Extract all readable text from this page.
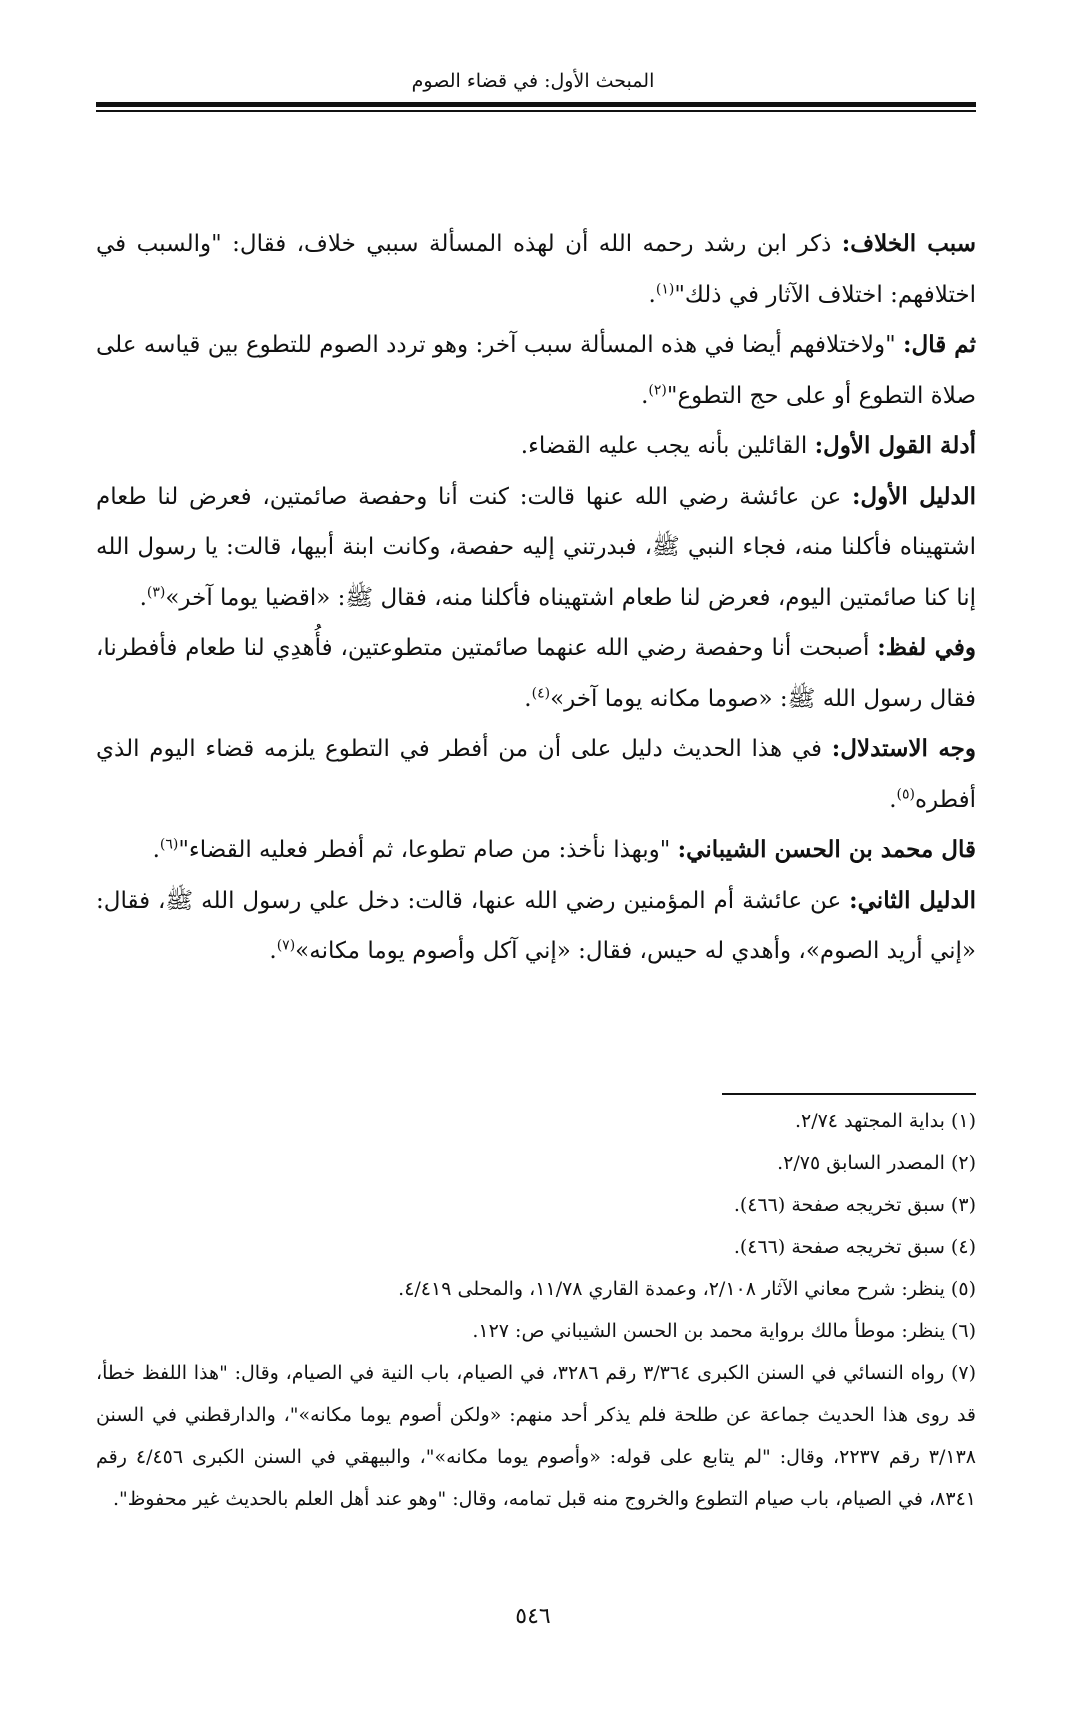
المبحث الأول: في قضاء الصوم

سبب الخلاف: ذكر ابن رشد رحمه الله أن لهذه المسألة سببي خلاف، فقال: "والسبب في اختلافهم: اختلاف الآثار في ذلك"$^{(١)}$.

ثم قال: "ولاختلافهم أيضا في هذه المسألة سبب آخر: وهو تردد الصوم للتطوع بين قياسه على صلاة التطوع أو على حج التطوع"$^{(٢)}$.

أدلة القول الأول: القائلين بأنه يجب عليه القضاء.

الدليل الأول: عن عائشة رضي الله عنها قالت: كنت أنا وحفصة صائمتين، فعرض لنا طعام اشتهيناه فأكلنا منه، فجاء النبي ﷺ، فبدرتني إليه حفصة، وكانت ابنة أبيها، قالت: يا رسول الله إنا كنا صائمتين اليوم، فعرض لنا طعام اشتهيناه فأكلنا منه، فقال ﷺ: «اقضيا يوما آخر»$^{(٣)}$.

وفي لفظ: أصبحت أنا وحفصة رضي الله عنهما صائمتين متطوعتين، فأُهدِي لنا طعام فأفطرنا، فقال رسول الله ﷺ: «صوما مكانه يوما آخر»$^{(٤)}$.

وجه الاستدلال: في هذا الحديث دليل على أن من أفطر في التطوع يلزمه قضاء اليوم الذي أفطره$^{(٥)}$.

قال محمد بن الحسن الشيباني: "وبهذا نأخذ: من صام تطوعا، ثم أفطر فعليه القضاء"$^{(٦)}$.

الدليل الثاني: عن عائشة أم المؤمنين رضي الله عنها، قالت: دخل علي رسول الله ﷺ، فقال: «إني أريد الصوم»، وأهدي له حيس، فقال: «إني آكل وأصوم يوما مكانه»$^{(٧)}$.

(١) بداية المجتهد ٢/٧٤.

(٢) المصدر السابق ٢/٧٥.

(٣) سبق تخريجه صفحة (٤٦٦).

(٤) سبق تخريجه صفحة (٤٦٦).

(٥) ينظر: شرح معاني الآثار ٢/١٠٨، وعمدة القاري ١١/٧٨، والمحلى ٤/٤١٩.

(٦) ينظر: موطأ مالك برواية محمد بن الحسن الشيباني ص: ١٢٧.

(٧) رواه النسائي في السنن الكبرى ٣/٣٦٤ رقم ٣٢٨٦، في الصيام، باب النية في الصيام، وقال: "هذا اللفظ خطأ، قد روى هذا الحديث جماعة عن طلحة فلم يذكر أحد منهم: «ولكن أصوم يوما مكانه»"، والدارقطني في السنن ٣/١٣٨ رقم ٢٢٣٧، وقال: "لم يتابع على قوله: «وأصوم يوما مكانه»"، والبيهقي في السنن الكبرى ٤/٤٥٦ رقم ٨٣٤١، في الصيام، باب صيام التطوع والخروج منه قبل تمامه، وقال: "وهو عند أهل العلم بالحديث غير محفوظ".

٥٤٦
